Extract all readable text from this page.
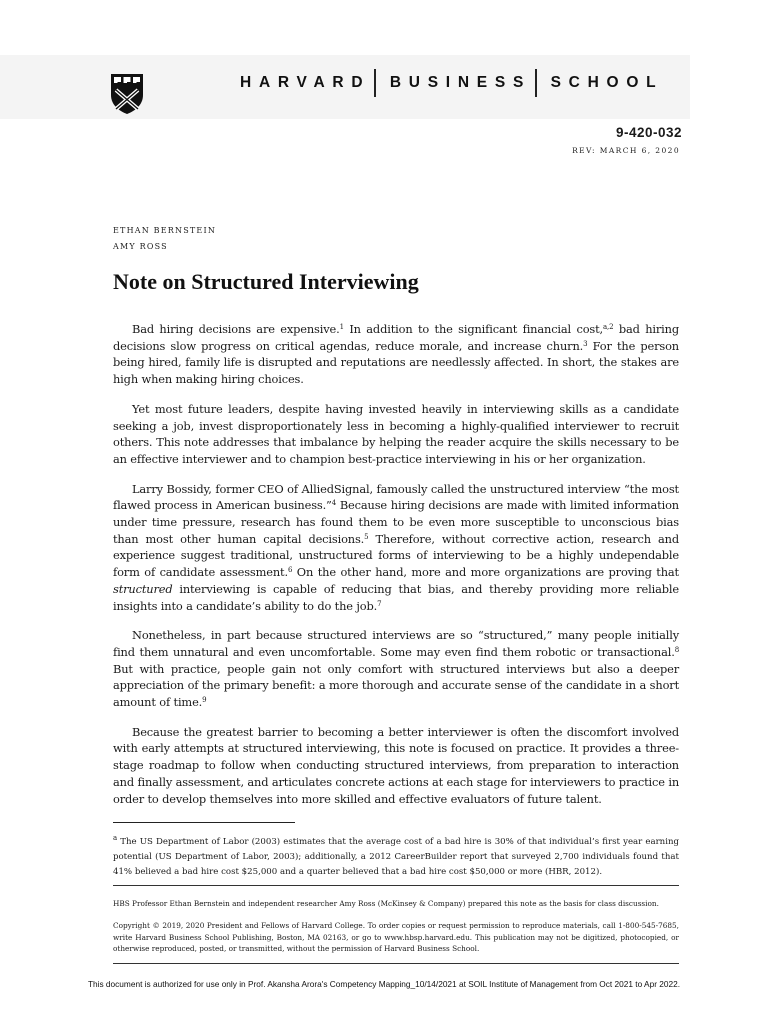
HARVARD BUSINESS SCHOOL
9-420-032
REV: MARCH 6, 2020
ETHAN BERNSTEIN
AMY ROSS
Note on Structured Interviewing

Bad hiring decisions are expensive.$^1$ In addition to the significant financial cost,$^{a,2}$ bad hiring decisions slow progress on critical agendas, reduce morale, and increase churn.$^3$ For the person being hired, family life is disrupted and reputations are needlessly affected. In short, the stakes are high when making hiring choices.

Yet most future leaders, despite having invested heavily in interviewing skills as a candidate seeking a job, invest disproportionately less in becoming a highly-qualified interviewer to recruit others. This note addresses that imbalance by helping the reader acquire the skills necessary to be an effective interviewer and to champion best-practice interviewing in his or her organization.

Larry Bossidy, former CEO of AlliedSignal, famously called the unstructured interview “the most flawed process in American business.”$^4$ Because hiring decisions are made with limited information under time pressure, research has found them to be even more susceptible to unconscious bias than most other human capital decisions.$^5$ Therefore, without corrective action, research and experience suggest traditional, unstructured forms of interviewing to be a highly undependable form of candidate assessment.$^6$ On the other hand, more and more organizations are proving that structured interviewing is capable of reducing that bias, and thereby providing more reliable insights into a candidate’s ability to do the job.$^7$

Nonetheless, in part because structured interviews are so “structured,” many people initially find them unnatural and even uncomfortable. Some may even find them robotic or transactional.$^8$ But with practice, people gain not only comfort with structured interviews but also a deeper appreciation of the primary benefit: a more thorough and accurate sense of the candidate in a short amount of time.$^9$

Because the greatest barrier to becoming a better interviewer is often the discomfort involved with early attempts at structured interviewing, this note is focused on practice. It provides a three-stage roadmap to follow when conducting structured interviews, from preparation to interaction and finally assessment, and articulates concrete actions at each stage for interviewers to practice in order to develop themselves into more skilled and effective evaluators of future talent.

$^a$ The US Department of Labor (2003) estimates that the average cost of a bad hire is 30% of that individual’s first year earning potential (US Department of Labor, 2003); additionally, a 2012 CareerBuilder report that surveyed 2,700 individuals found that 41% believed a bad hire cost $25,000 and a quarter believed that a bad hire cost $50,000 or more (HBR, 2012).
HBS Professor Ethan Bernstein and independent researcher Amy Ross (McKinsey & Company) prepared this note as the basis for class discussion.
Copyright © 2019, 2020 President and Fellows of Harvard College. To order copies or request permission to reproduce materials, call 1-800-545-7685, write Harvard Business School Publishing, Boston, MA 02163, or go to www.hbsp.harvard.edu. This publication may not be digitized, photocopied, or otherwise reproduced, posted, or transmitted, without the permission of Harvard Business School.
This document is authorized for use only in Prof. Akansha Arora's Competency Mapping_10/14/2021 at SOIL Institute of Management from Oct 2021 to Apr 2022.
